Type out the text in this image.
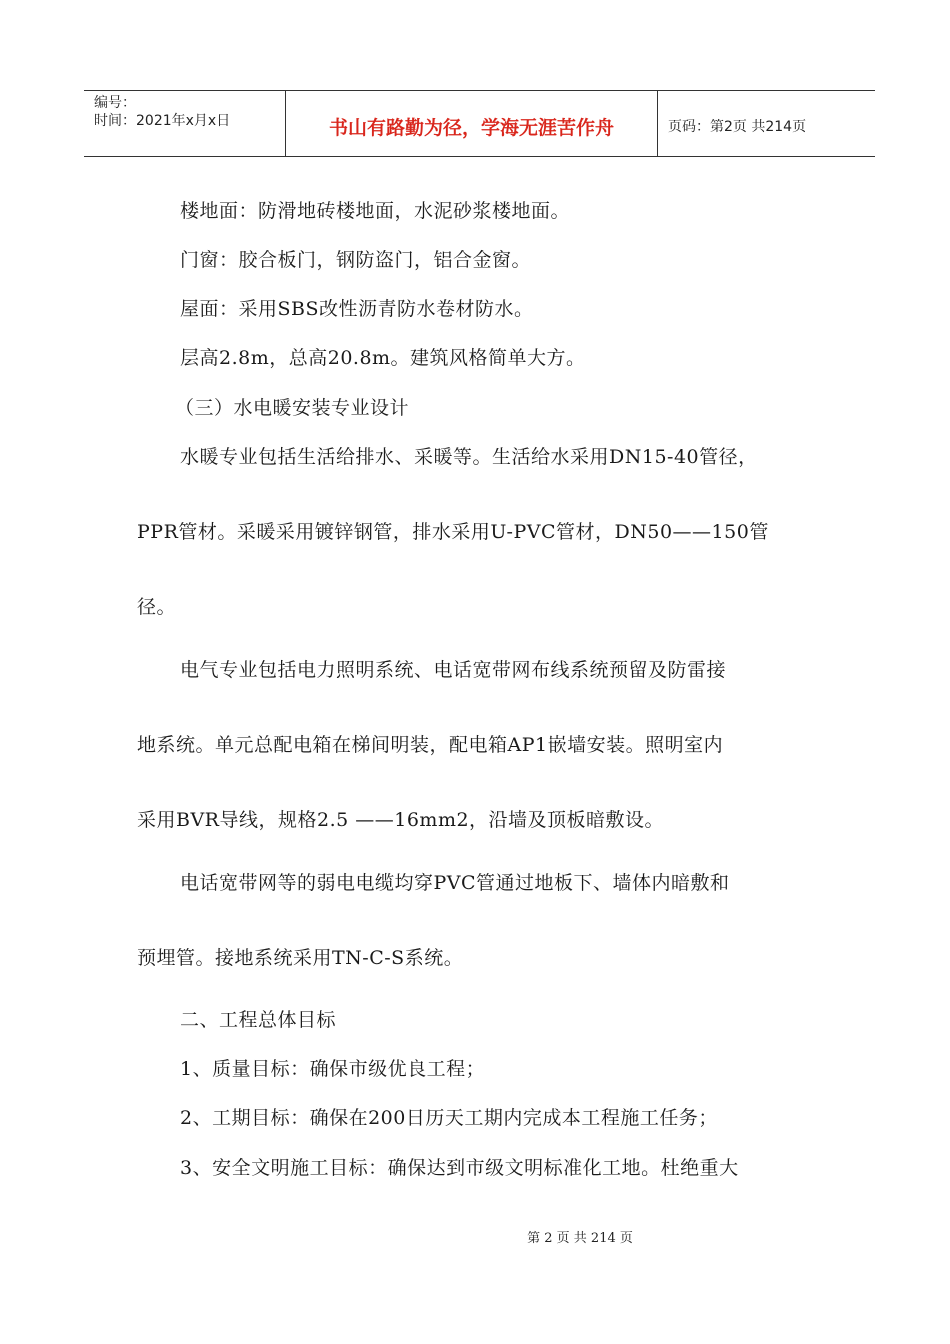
编号：
时间：2021年x月x日	书山有路勤为径，学海无涯苦作舟	页码：第2页 共214页
楼地面：防滑地砖楼地面，水泥砂浆楼地面。
门窗：胶合板门，钢防盗门，铝合金窗。
屋面：采用SBS改性沥青防水卷材防水。
层高2.8m，总高20.8m。建筑风格简单大方。
（三）水电暖安装专业设计
水暖专业包括生活给排水、采暖等。生活给水采用DN15-40管径，
PPR管材。采暖采用镀锌钢管，排水采用U-PVC管材，DN50——150管
径。
电气专业包括电力照明系统、电话宽带网布线系统预留及防雷接
地系统。单元总配电箱在梯间明装，配电箱AP1嵌墙安装。照明室内
采用BVR导线，规格2.5 ——16mm2，沿墙及顶板暗敷设。
电话宽带网等的弱电电缆均穿PVC管通过地板下、墙体内暗敷和
预埋管。接地系统采用TN-C-S系统。
二、工程总体目标
1、质量目标：确保市级优良工程；
2、工期目标：确保在200日历天工期内完成本工程施工任务；
3、安全文明施工目标：确保达到市级文明标准化工地。杜绝重大
第 2 页 共 214 页
